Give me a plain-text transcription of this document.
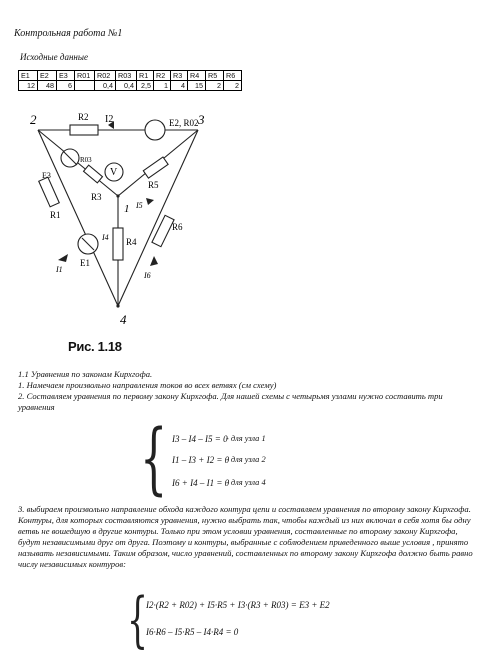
Контрольная работа №1
Исходные данные
E1	E2	E3	R01	R02	R03	R1	R2	R3	R4	R5	R6
12	48	6		0,4	0,4	2,5	1	4	15	2	2
2	3
4
1
R2
E2, R02
R03
E3
R3
R1
R5
R6
R4
E1
V
I2
I1
I4
I5
I6
Рис. 1.18
1.1 Уравнения по законам Кирхгофа.
1. Намечаем произвольно направления токов во всех ветвях (см схему)
2. Составляем уравнения по первому закону Кирхгофа. Для нашей схемы с четырьмя узлами нужно составить три уравнения
{ I3 – I4 – I5 = 0
- для узла 1
I1 – I3 + I2 = 0
- для узла 2
I6 + I4 – I1 = 0
- для узла 4
3. выбираем произвольно направление обхода каждого контура цепи и составляем уравнения по второму закону Кирхгофа. Контуры, для которых составляются уравнения, нужно выбрать так, чтобы каждый из них включал в себя хотя бы одну ветвь не вошедшую в другие контуры. Только при этом условии уравнения, составленные по второму закону Кирхгофа, будут независимыми друг от друга. Поэтому и контуры, выбранные с соблюдением приведенного выше условия , принято называть независимыми. Таким образом, число уравнений, составленных по второму закону Кирхгофа должно быть равно числу независимых контуров:
{
I2·(R2 + R02) + I5·R5 + I3·(R3 + R03) = E3 + E2
I6·R6 – I5·R5 – I4·R4 = 0
